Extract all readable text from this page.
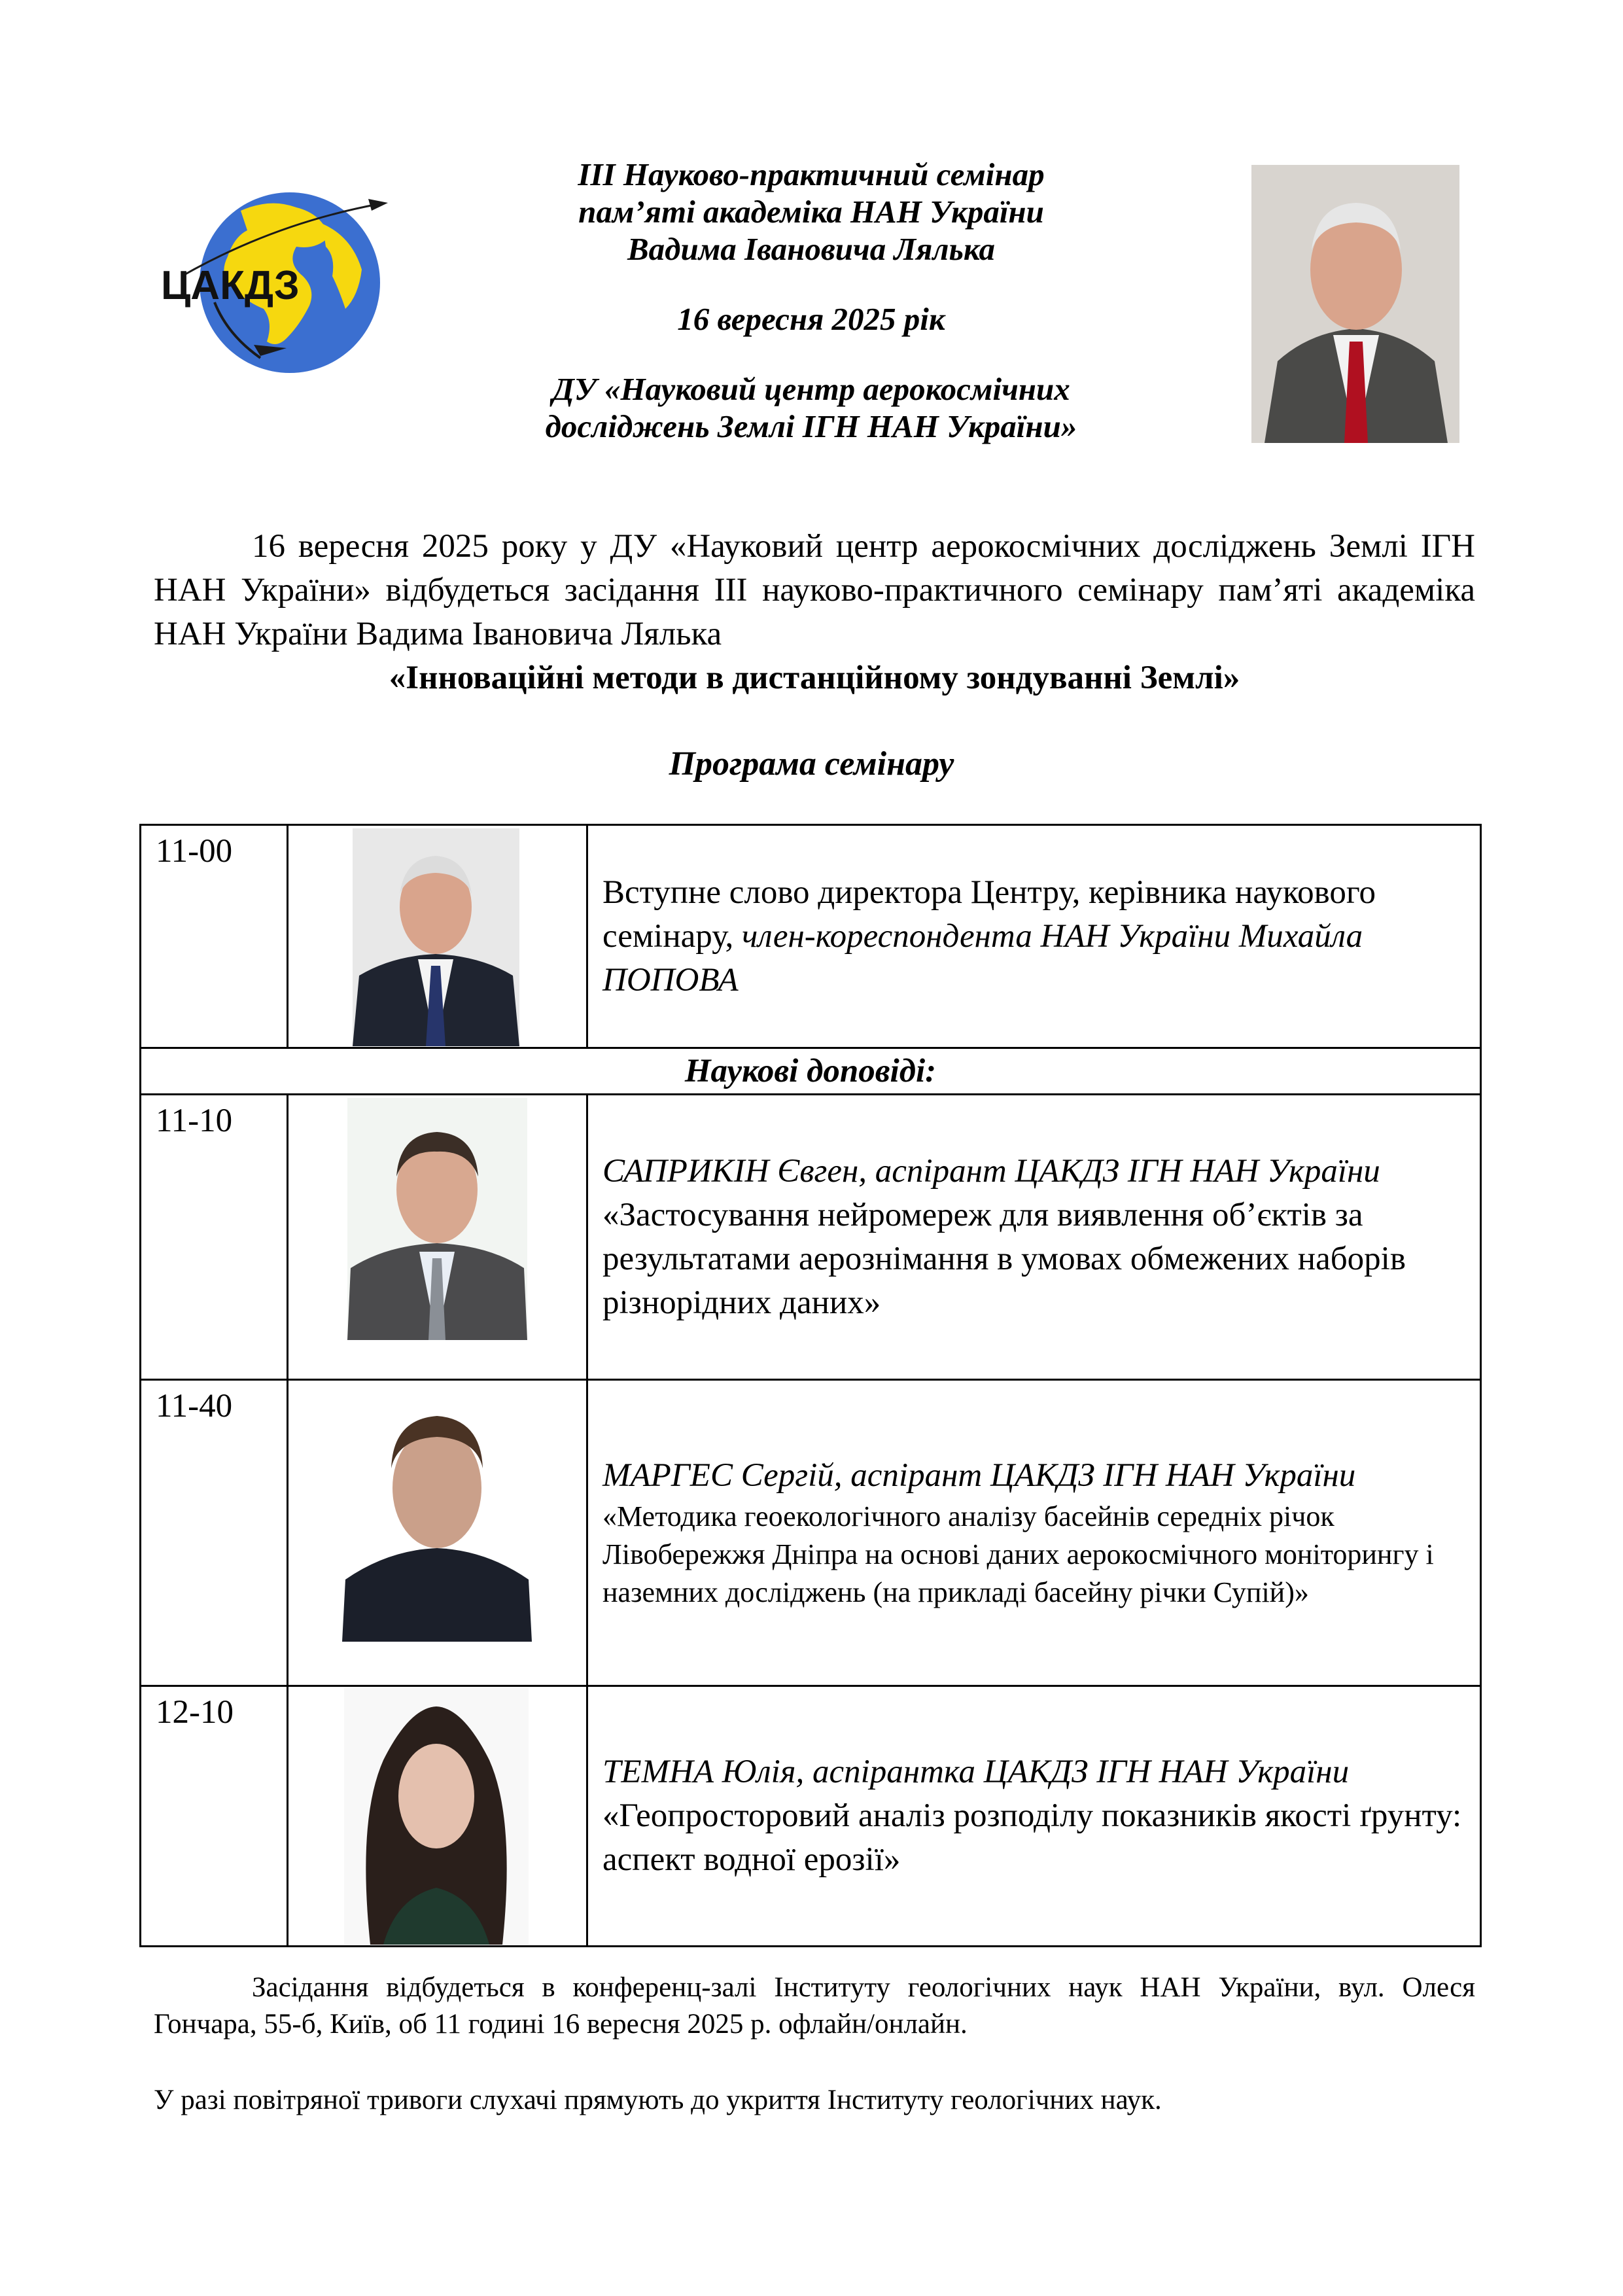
ЦАКДЗ
ІІІ Науково-практичний семінар
пам’яті академіка НАН України
Вадима Івановича Лялька
16 вересня 2025 рік
ДУ «Науковий центр аерокосмічних
досліджень Землі ІГН НАН України»

16 вересня 2025 року у ДУ «Науковий центр аерокосмічних досліджень Землі ІГН НАН України» відбудеться засідання ІІІ науково-практичного семінару пам’яті академіка НАН України Вадима Івановича Лялька

«Інноваційні методи в дистанційному зондуванні Землі»

Програма семінару
11-00		Вступне слово директора Центру, керівника наукового семінару, член-кореспондента НАН України Михайла ПОПОВА
Наукові доповіді:		
11-10		САПРИКІН Євген, аспірант ЦАКДЗ ІГН НАН України
«Застосування нейромереж для виявлення об’єктів за результатами аерознімання в умовах обмежених наборів різнорідних даних»

11-40		МАРГЕС Сергій, аспірант ЦАКДЗ ІГН НАН України
«Методика геоекологічного аналізу басейнів середніх річок Лівобережжя Дніпра на основі даних аерокосмічного моніторингу і наземних досліджень (на прикладі басейну річки Супій)»

12-10		ТЕМНА Юлія, аспірантка ЦАКДЗ ІГН НАН України
«Геопросторовий аналіз розподілу показників якості ґрунту: аспект водної ерозії»

Засідання відбудеться в конференц-залі Інституту геологічних наук НАН України, вул. Олеся Гончара, 55-б, Київ, об 11 годині 16 вересня 2025 р. офлайн/онлайн.

У разі повітряної тривоги слухачі прямують до укриття Інституту геологічних наук.
